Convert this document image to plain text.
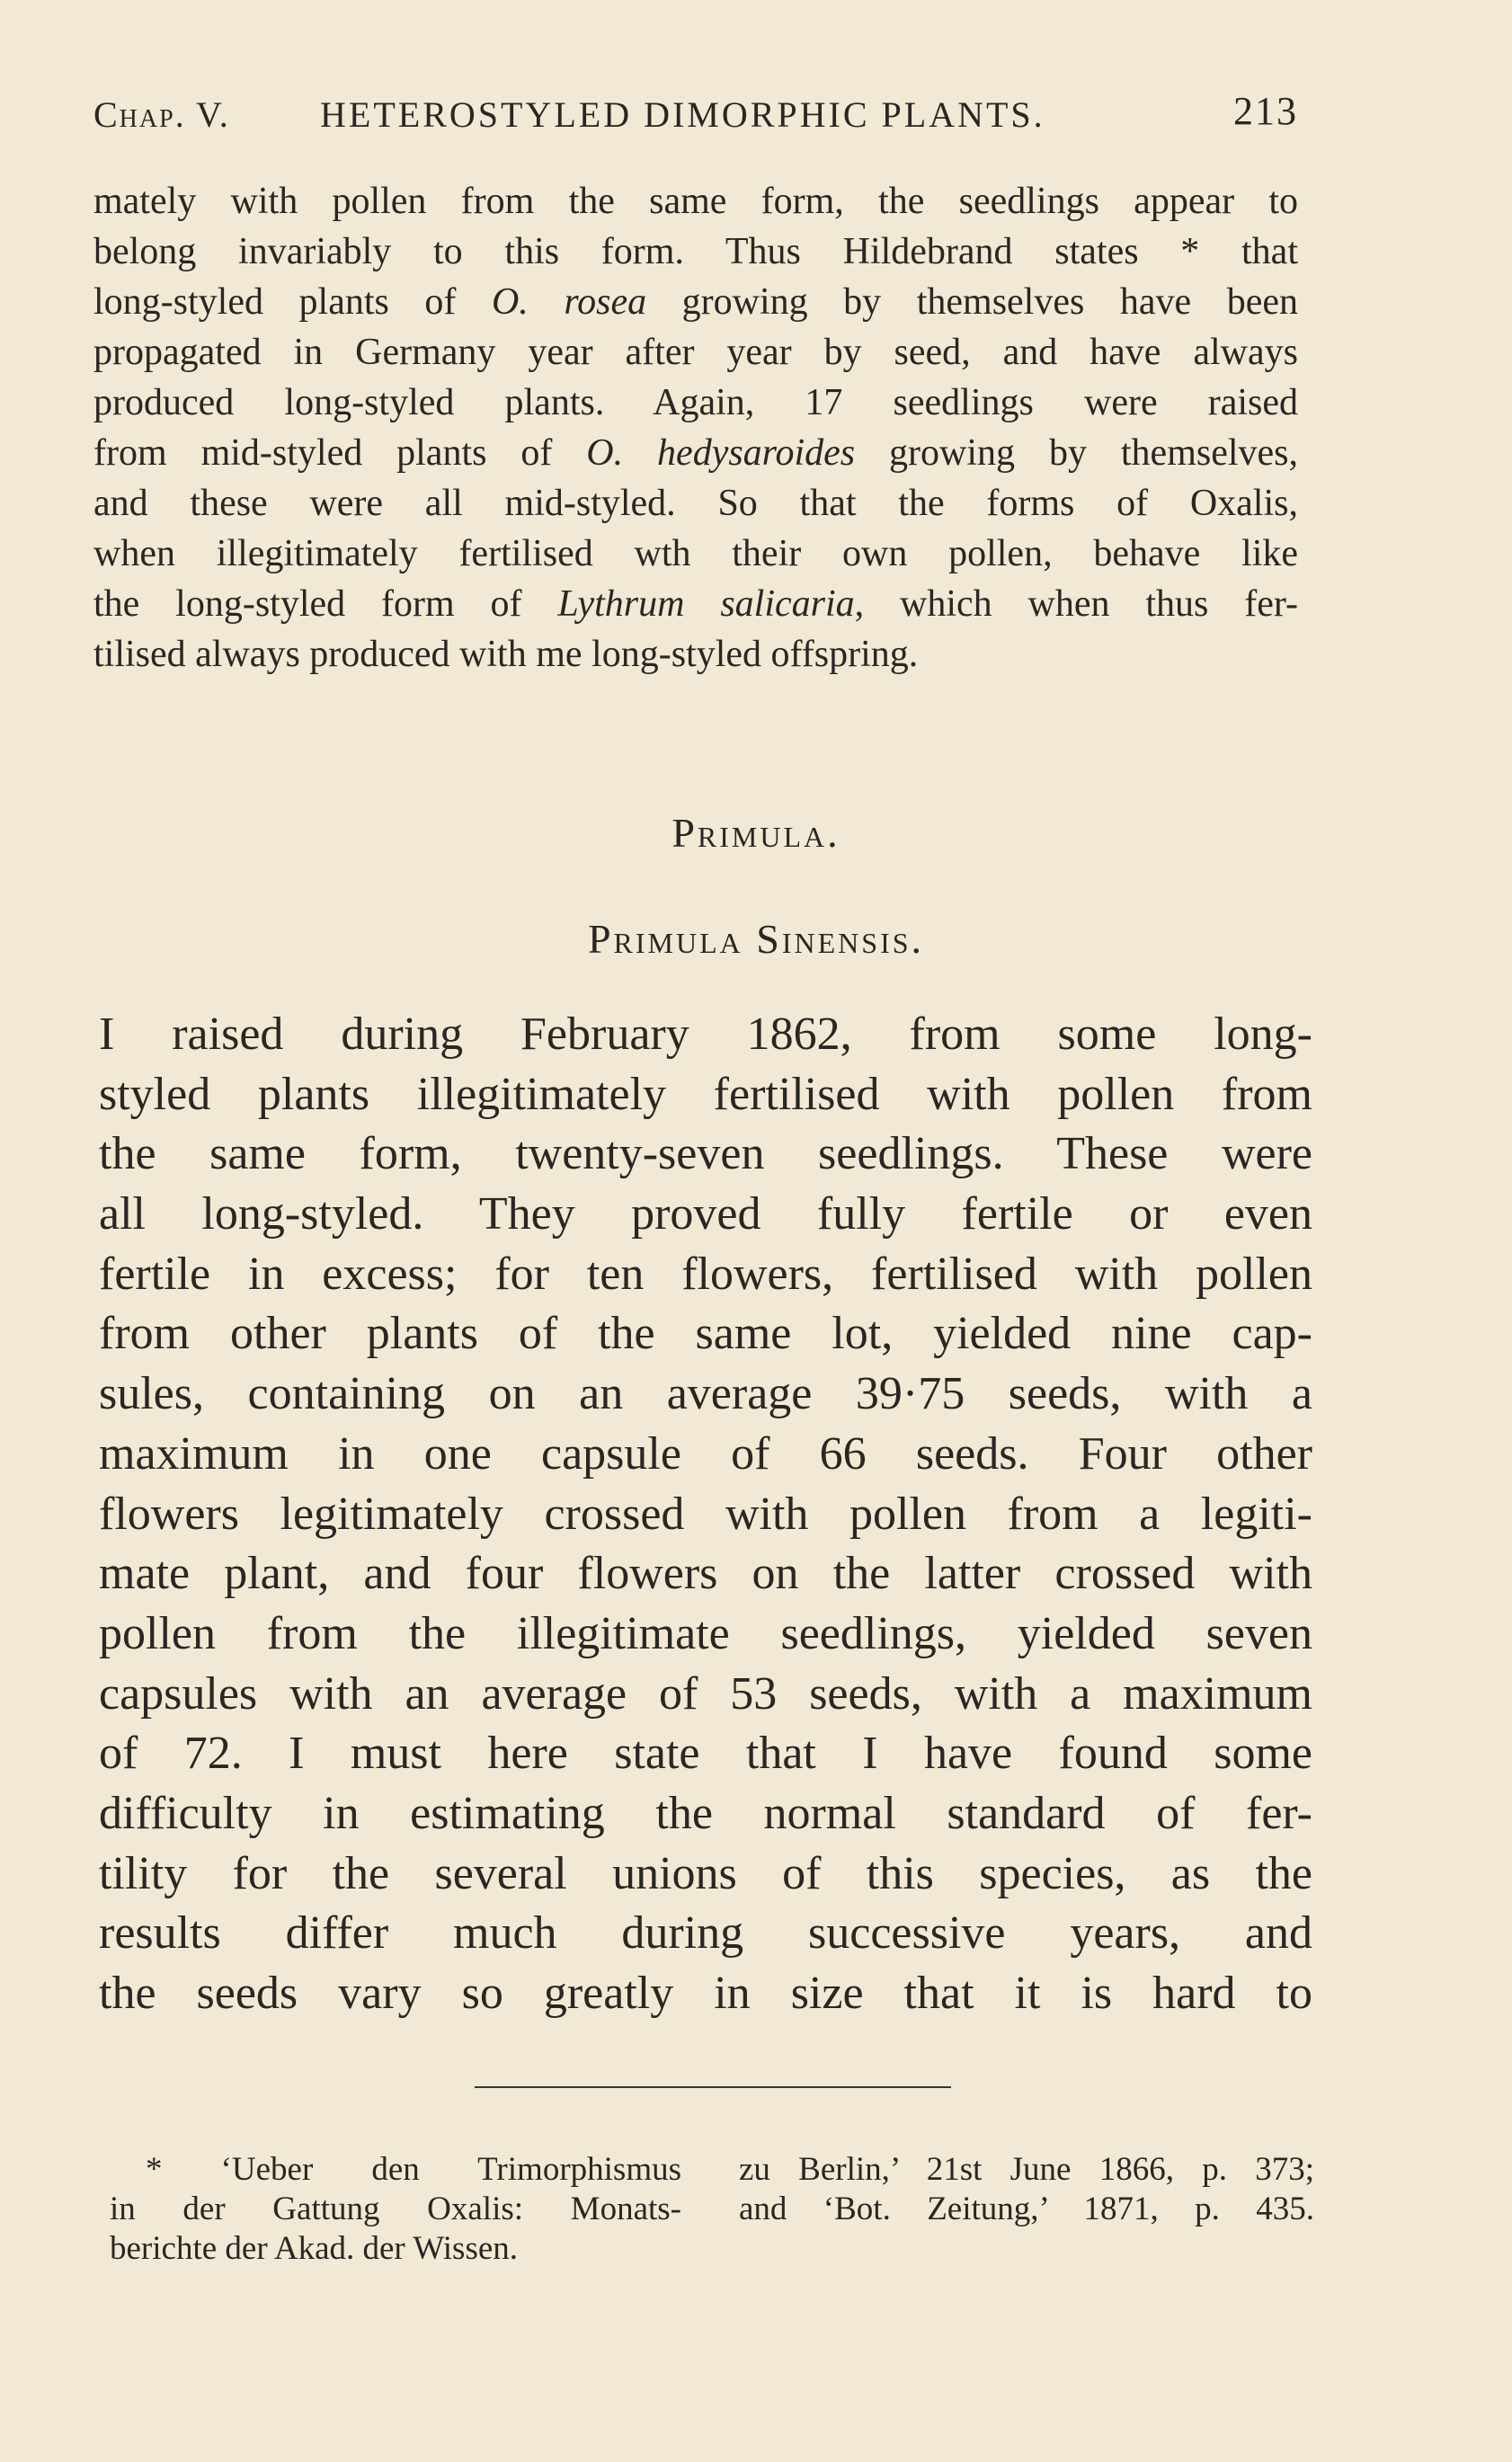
Chap. V.	HETEROSTYLED DIMORPHIC PLANTS.	213
mately with pollen from the same form, the seedlings appear to
belong invariably to this form. Thus Hildebrand states * that
long-styled plants of O. rosea growing by themselves have been
propagated in Germany year after year by seed, and have always
produced long-styled plants. Again, 17 seedlings were raised
from mid-styled plants of O. hedysaroides growing by themselves,
and these were all mid-styled. So that the forms of Oxalis,
when illegitimately fertilised wth their own pollen, behave like
the long-styled form of Lythrum salicaria, which when thus fer-
tilised always produced with me long-styled offspring.
Primula.
Primula Sinensis.
I raised during February 1862, from some long-
styled plants illegitimately fertilised with pollen from
the same form, twenty-seven seedlings. These were
all long-styled. They proved fully fertile or even
fertile in excess; for ten flowers, fertilised with pollen
from other plants of the same lot, yielded nine cap-
sules, containing on an average 39·75 seeds, with a
maximum in one capsule of 66 seeds. Four other
flowers legitimately crossed with pollen from a legiti-
mate plant, and four flowers on the latter crossed with
pollen from the illegitimate seedlings, yielded seven
capsules with an average of 53 seeds, with a maximum
of 72. I must here state that I have found some
difficulty in estimating the normal standard of fer-
tility for the several unions of this species, as the
results differ much during successive years, and
the seeds vary so greatly in size that it is hard to
* ‘Ueber den Trimorphismus
in der Gattung Oxalis: Monats-
berichte der Akad. der Wissen.
zu Berlin,’ 21st June 1866, p. 373;
and ‘Bot. Zeitung,’ 1871, p. 435.
